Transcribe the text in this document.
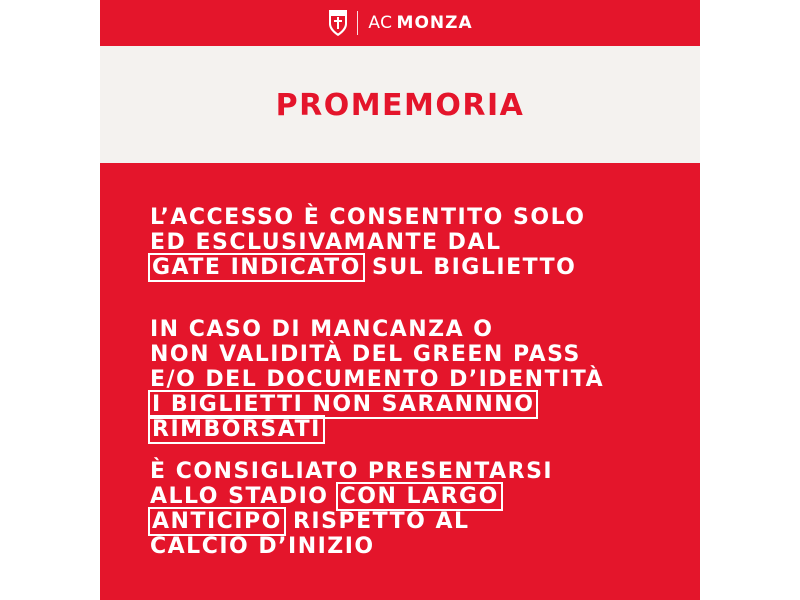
AC MONZA
PROMEMORIA
L’ACCESSO È CONSENTITO SOLO
ED ESCLUSIVAMANTE DAL
GATE INDICATO SUL BIGLIETTO
IN CASO DI MANCANZA O
NON VALIDITÀ DEL GREEN PASS
E/O DEL DOCUMENTO D’IDENTITÀ
I BIGLIETTI NON SARANNNO
RIMBORSATI
È CONSIGLIATO PRESENTARSI
ALLO STADIO CON LARGO
ANTICIPO RISPETTO AL
CALCIO D’INIZIO
